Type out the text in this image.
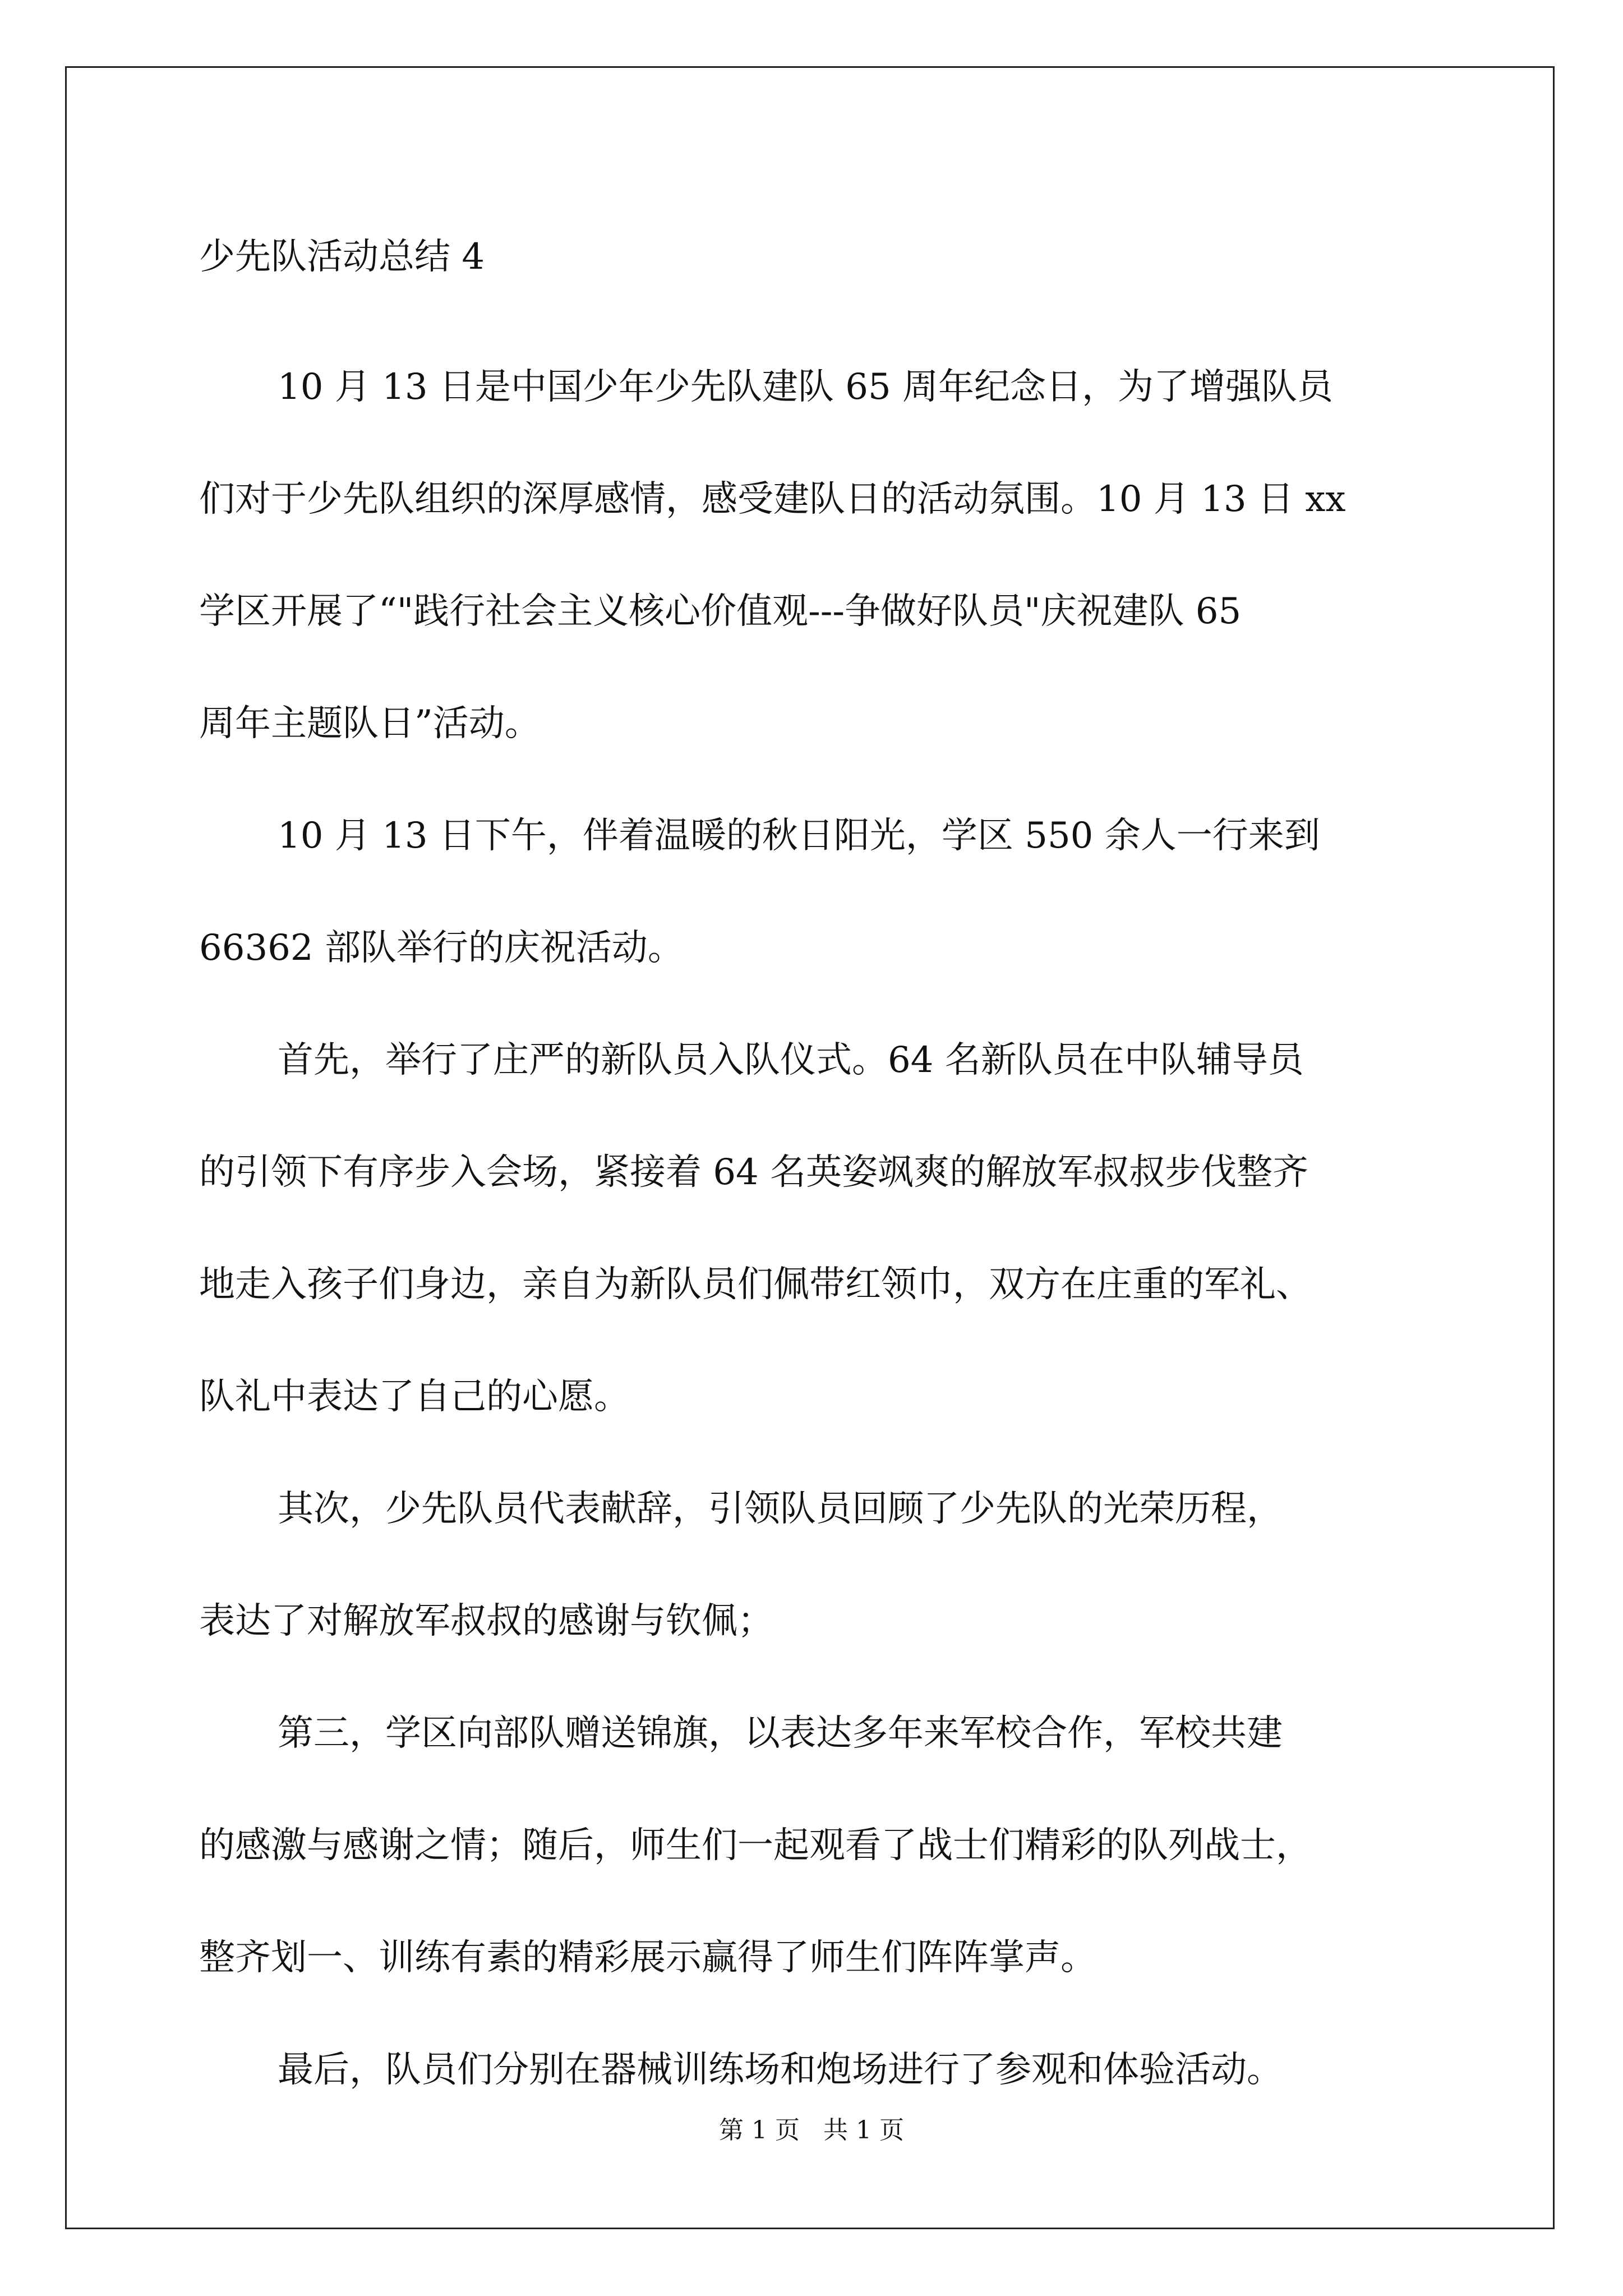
少先队活动总结 4

10 月 13 日是中国少年少先队建队 65 周年纪念日，为了增强队员
们对于少先队组织的深厚感情，感受建队日的活动氛围。10 月 13 日 xx
学区开展了“"践行社会主义核心价值观---争做好队员"庆祝建队 65
周年主题队日”活动。

10 月 13 日下午，伴着温暖的秋日阳光，学区 550 余人一行来到
66362 部队举行的庆祝活动。

首先，举行了庄严的新队员入队仪式。64 名新队员在中队辅导员
的引领下有序步入会场，紧接着 64 名英姿飒爽的解放军叔叔步伐整齐
地走入孩子们身边，亲自为新队员们佩带红领巾，双方在庄重的军礼、
队礼中表达了自己的心愿。

其次，少先队员代表献辞，引领队员回顾了少先队的光荣历程，
表达了对解放军叔叔的感谢与钦佩；

第三，学区向部队赠送锦旗，以表达多年来军校合作，军校共建
的感激与感谢之情；随后，师生们一起观看了战士们精彩的队列战士，
整齐划一、训练有素的精彩展示赢得了师生们阵阵掌声。

最后，队员们分别在器械训练场和炮场进行了参观和体验活动。

第 1 页   共 1 页
